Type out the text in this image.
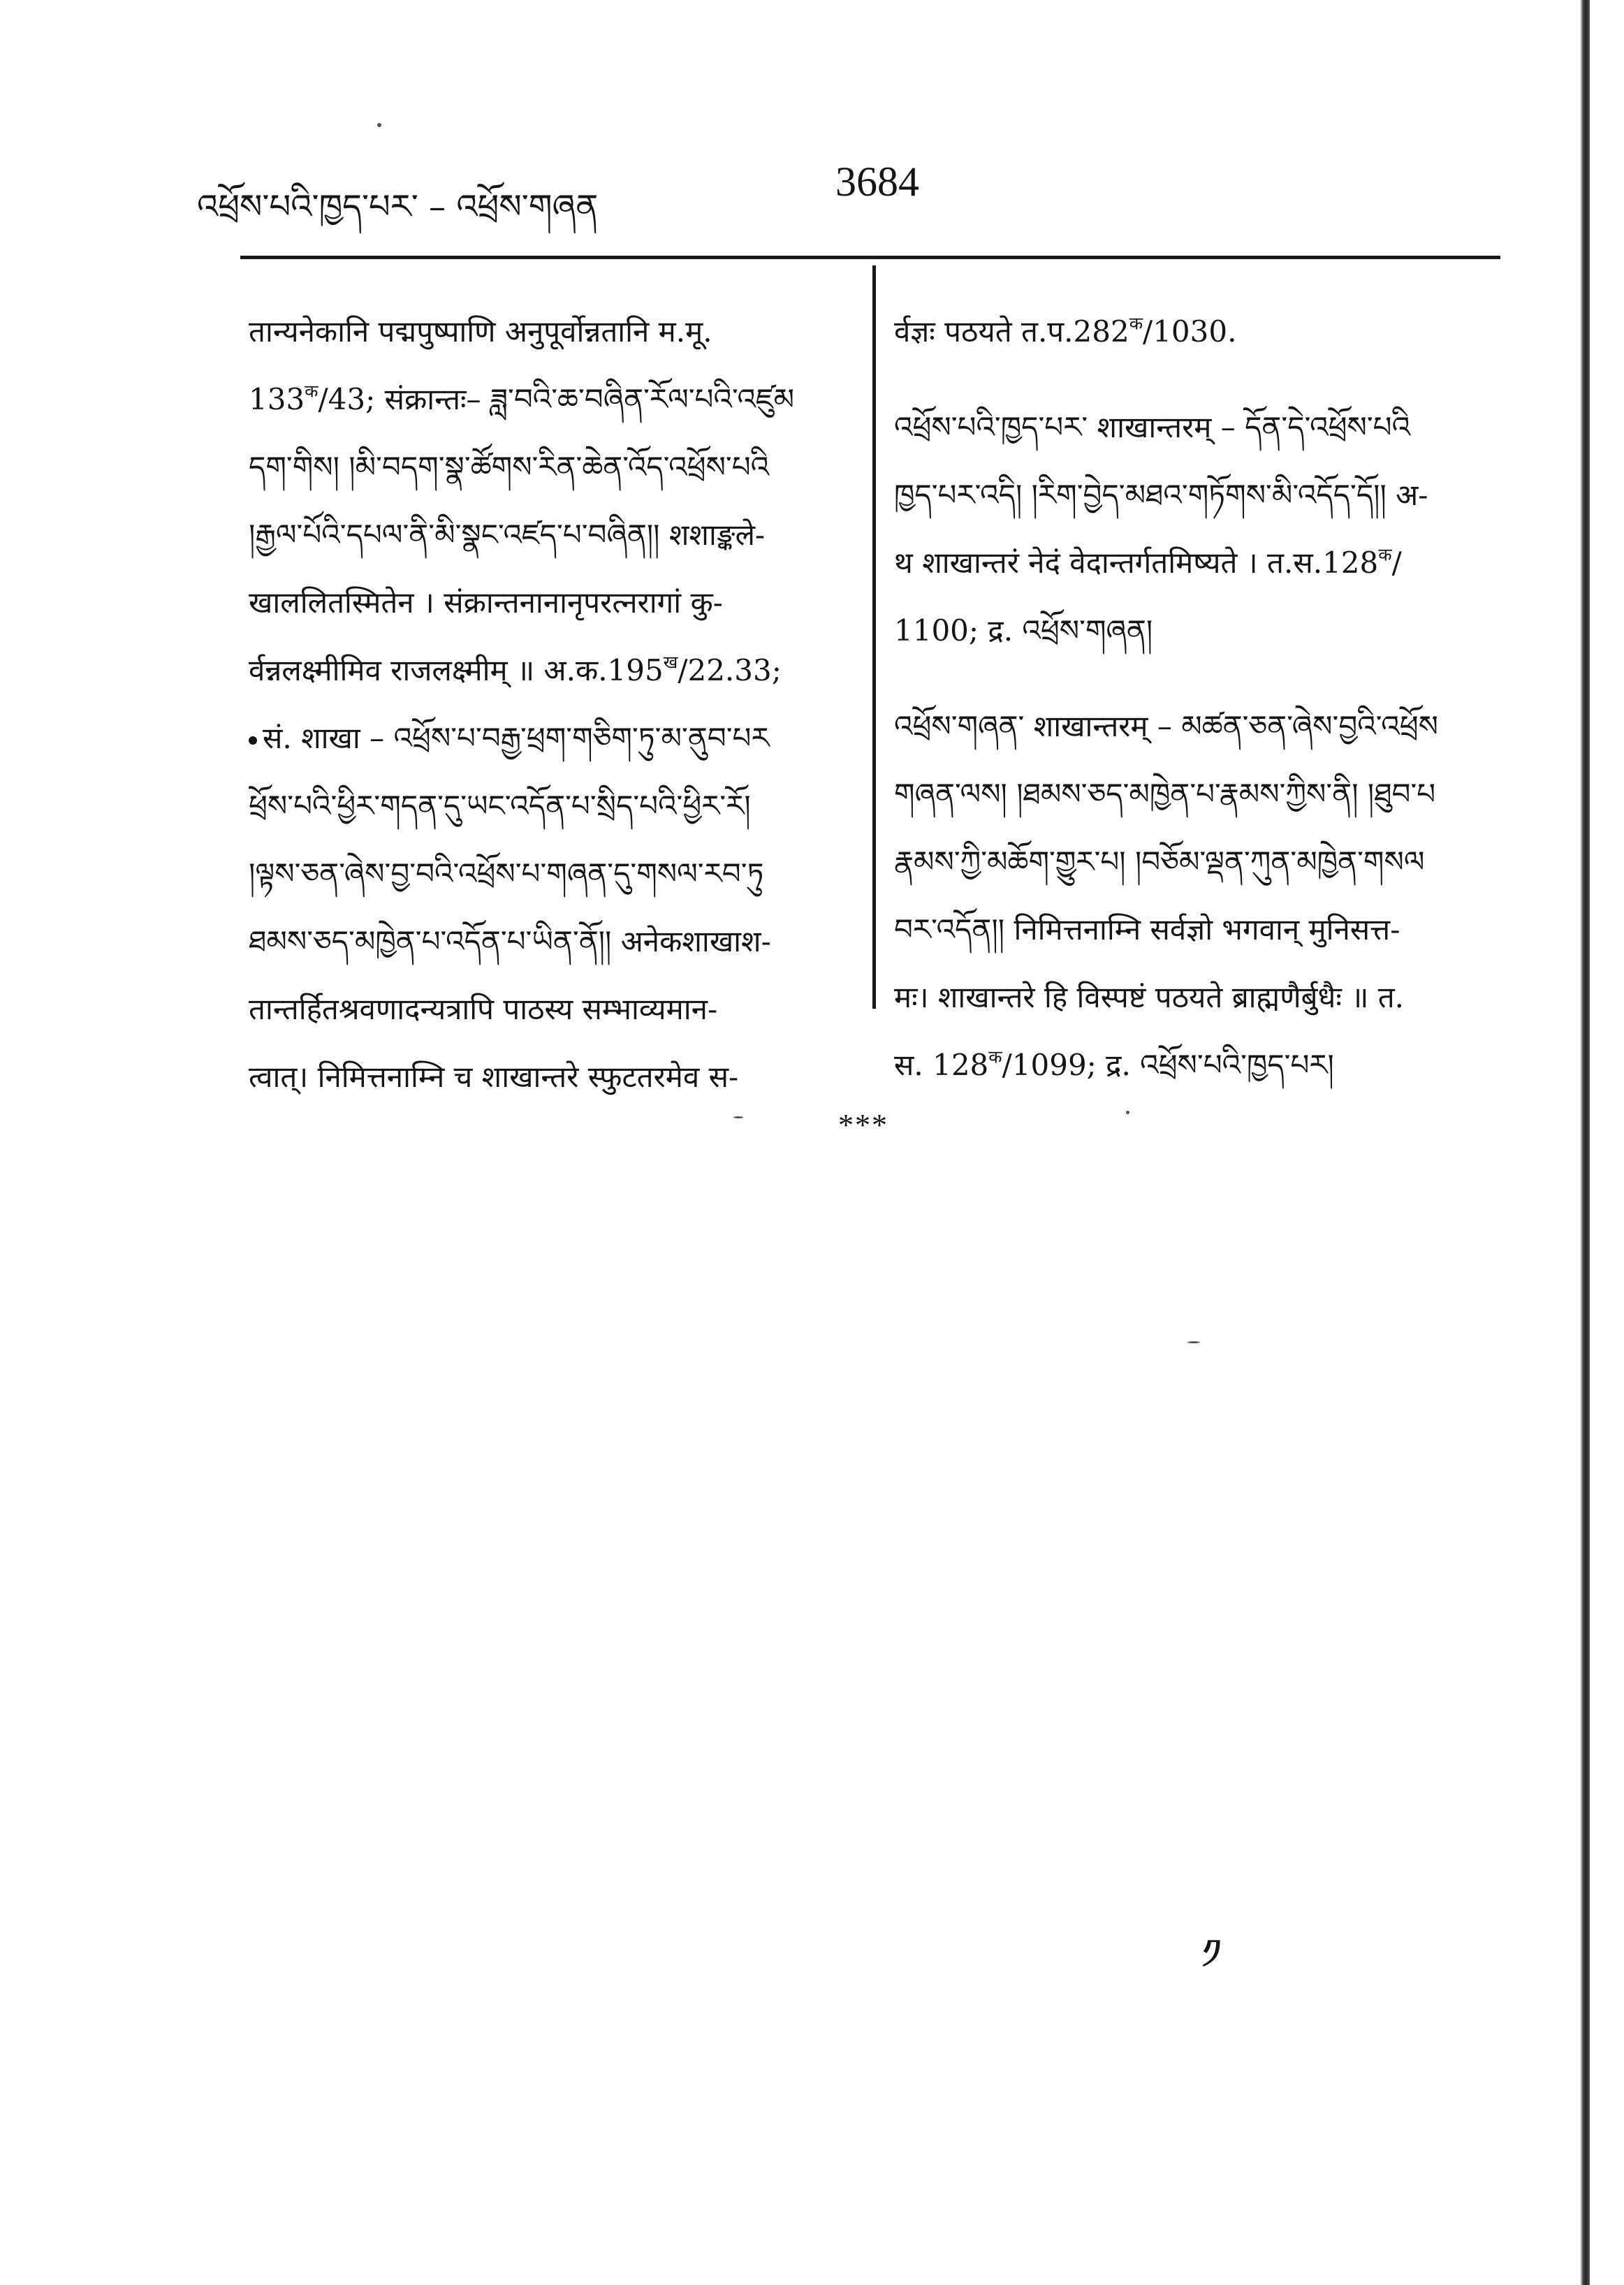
འཕྲོས་པའི་ཁྱད་པར་ – འཕྲོས་གཞན
3684
तान्यनेकानि पद्मपुष्पाणि अनुपूर्वोन्नतानि म.मू.
$133^क/43$; संक्रान्तः– ཟླ་བའི་ཆ་བཞིན་རོལ་པའི་འཛུམ
དག་གིས། །མི་བདག་སྣ་ཚོགས་རིན་ཆེན་འོད་འཕྲོས་པའི
།རྒྱལ་པོའི་དཔལ་ནི་མི་སྣང་འཛད་པ་བཞིན།། शशाङ्कले-
खाललितस्मितेन । संक्रान्तनानानृपरत्नरागां कु-
र्वन्नलक्ष्मीमिव राजलक्ष्मीम् ॥ $अ.क.195^ख/22.33$;
सं. शाखा – འཕྲོས་པ་བརྒྱ་ཕྲག་གཅིག་ཏུ་མ་ནུབ་པར
ཕྲོས་པའི་ཕྱིར་གདན་དུ་ཡང་འདོན་པ་སྲིད་པའི་ཕྱིར་རོ།
།ལྟས་ཅན་ཞེས་བྱ་བའི་འཕྲོས་པ་གཞན་དུ་གསལ་རབ་ཏུ
ཐམས་ཅད་མཁྱེན་པ་འདོན་པ་ཡིན་ནོ།། अनेकशाखाश-
तान्तर्हितश्रवणादन्यत्रापि पाठस्य सम्भाव्यमान-
त्वात्। निमित्तनाम्नि च शाखान्तरे स्फुटतरमेव स-
र्वज्ञः पठयते $त.प.282^क/1030$.
འཕྲོས་པའི་ཁྱད་པར་ शाखान्तरम् – དོན་དེ་འཕྲོས་པའི
ཁྱད་པར་འདི། །རིག་བྱེད་མཐའ་གཏོགས་མི་འདོད་དོ།། अ-
थ शाखान्तरं नेदं वेदान्तर्गतमिष्यते । $त.स.128^क/$
1100; द्र. འཕྲོས་གཞན།
འཕྲོས་གཞན་ शाखान्तरम् – མཚན་ཅན་ཞེས་བྱའི་འཕྲོས
གཞན་ལས། །ཐམས་ཅད་མཁྱེན་པ་རྣམས་ཀྱིས་ནི། །ཐུབ་པ
རྣམས་ཀྱི་མཆོག་གྱུར་པ། །བཅོམ་ལྡན་ཀུན་མཁྱེན་གསལ
བར་འདོན།། निमित्तनाम्नि सर्वज्ञो भगवान् मुनिसत्त-
मः। शाखान्तरे हि विस्पष्टं पठयते ब्राह्मणैर्बुधैः ॥ त.
स. $128^क/1099$; द्र. འཕྲོས་པའི་ཁྱད་པར།
***
༡
